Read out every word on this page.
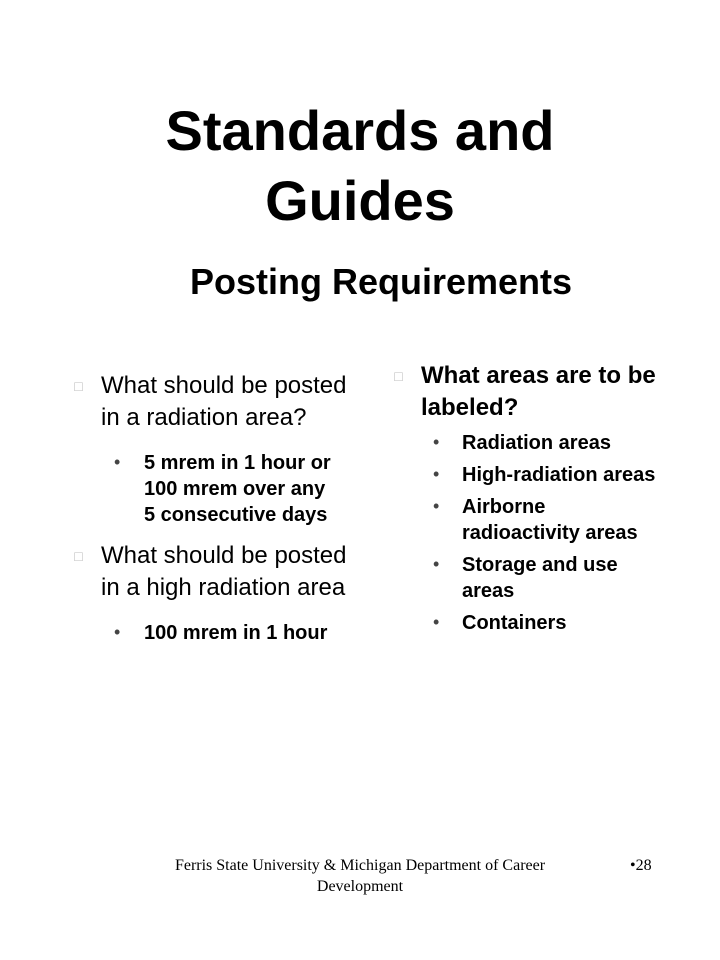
Standards and
Guides
Posting Requirements
□ What should be posted in a radiation area?
• 5 mrem in 1 hour or 100 mrem over any 5 consecutive days
□ What should be posted in a high radiation area
• 100 mrem in 1 hour
□ What areas are to be labeled?
• Radiation areas
• High-radiation areas
• Airborne radioactivity areas
• Storage and use areas
• Containers
Ferris State University & Michigan Department of Career Development
•28
